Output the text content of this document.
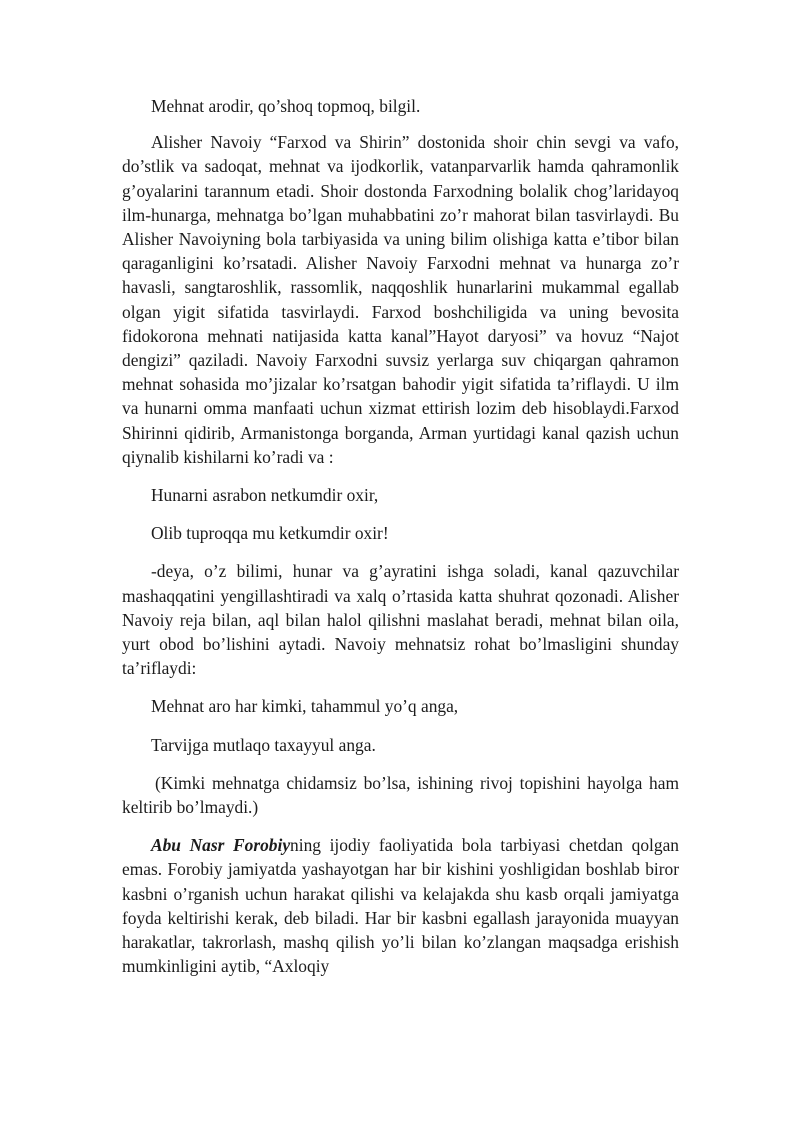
Mehnat arodir, qo’shoq topmoq, bilgil.

Alisher Navoiy “Farxod va Shirin” dostonida shoir chin sevgi va vafo, do’stlik va sadoqat, mehnat va ijodkorlik, vatanparvarlik hamda qahramonlik g’oyalarini tarannum etadi. Shoir dostonda Farxodning bolalik chog’laridayoq ilm-hunarga, mehnatga bo’lgan muhabbatini zo’r mahorat bilan tasvirlaydi. Bu Alisher Navoiyning bola tarbiyasida va uning bilim olishiga katta e’tibor bilan qaraganligini ko’rsatadi. Alisher Navoiy Farxodni mehnat va hunarga zo’r havasli, sangtaroshlik, rassomlik, naqqoshlik hunarlarini mukammal egallab olgan yigit sifatida tasvirlaydi. Farxod boshchiligida va uning bevosita fidokorona mehnati natijasida katta kanal”Hayot daryosi” va hovuz “Najot dengizi” qaziladi. Navoiy Farxodni suvsiz yerlarga suv chiqargan qahramon mehnat sohasida mo’jizalar ko’rsatgan bahodir yigit sifatida ta’riflaydi. U ilm va hunarni omma manfaati uchun xizmat ettirish lozim deb hisoblaydi.Farxod Shirinni qidirib, Armanistonga borganda, Arman yurtidagi kanal qazish uchun qiynalib kishilarni ko’radi va :

Hunarni asrabon netkumdir oxir,

Olib tuproqqa mu ketkumdir oxir!

-deya, o’z bilimi, hunar va g’ayratini ishga soladi, kanal qazuvchilar mashaqqatini yengillashtiradi va xalq o’rtasida katta shuhrat qozonadi. Alisher Navoiy reja bilan, aql bilan halol qilishni maslahat beradi, mehnat bilan oila, yurt obod bo’lishini aytadi. Navoiy mehnatsiz rohat bo’lmasligini shunday ta’riflaydi:

Mehnat aro har kimki, tahammul yo’q anga,

Tarvijga mutlaqo taxayyul anga.

(Kimki mehnatga chidamsiz bo’lsa, ishining rivoj topishini hayolga ham keltirib bo’lmaydi.)

Abu Nasr Forobiyning ijodiy faoliyatida bola tarbiyasi chetdan qolgan emas. Forobiy jamiyatda yashayotgan har bir kishini yoshligidan boshlab biror kasbni o’rganish uchun harakat qilishi va kelajakda shu kasb orqali jamiyatga foyda keltirishi kerak, deb biladi. Har bir kasbni egallash jarayonida muayyan harakatlar, takrorlash, mashq qilish yo’li bilan ko’zlangan maqsadga erishish mumkinligini aytib, “Axloqiy
